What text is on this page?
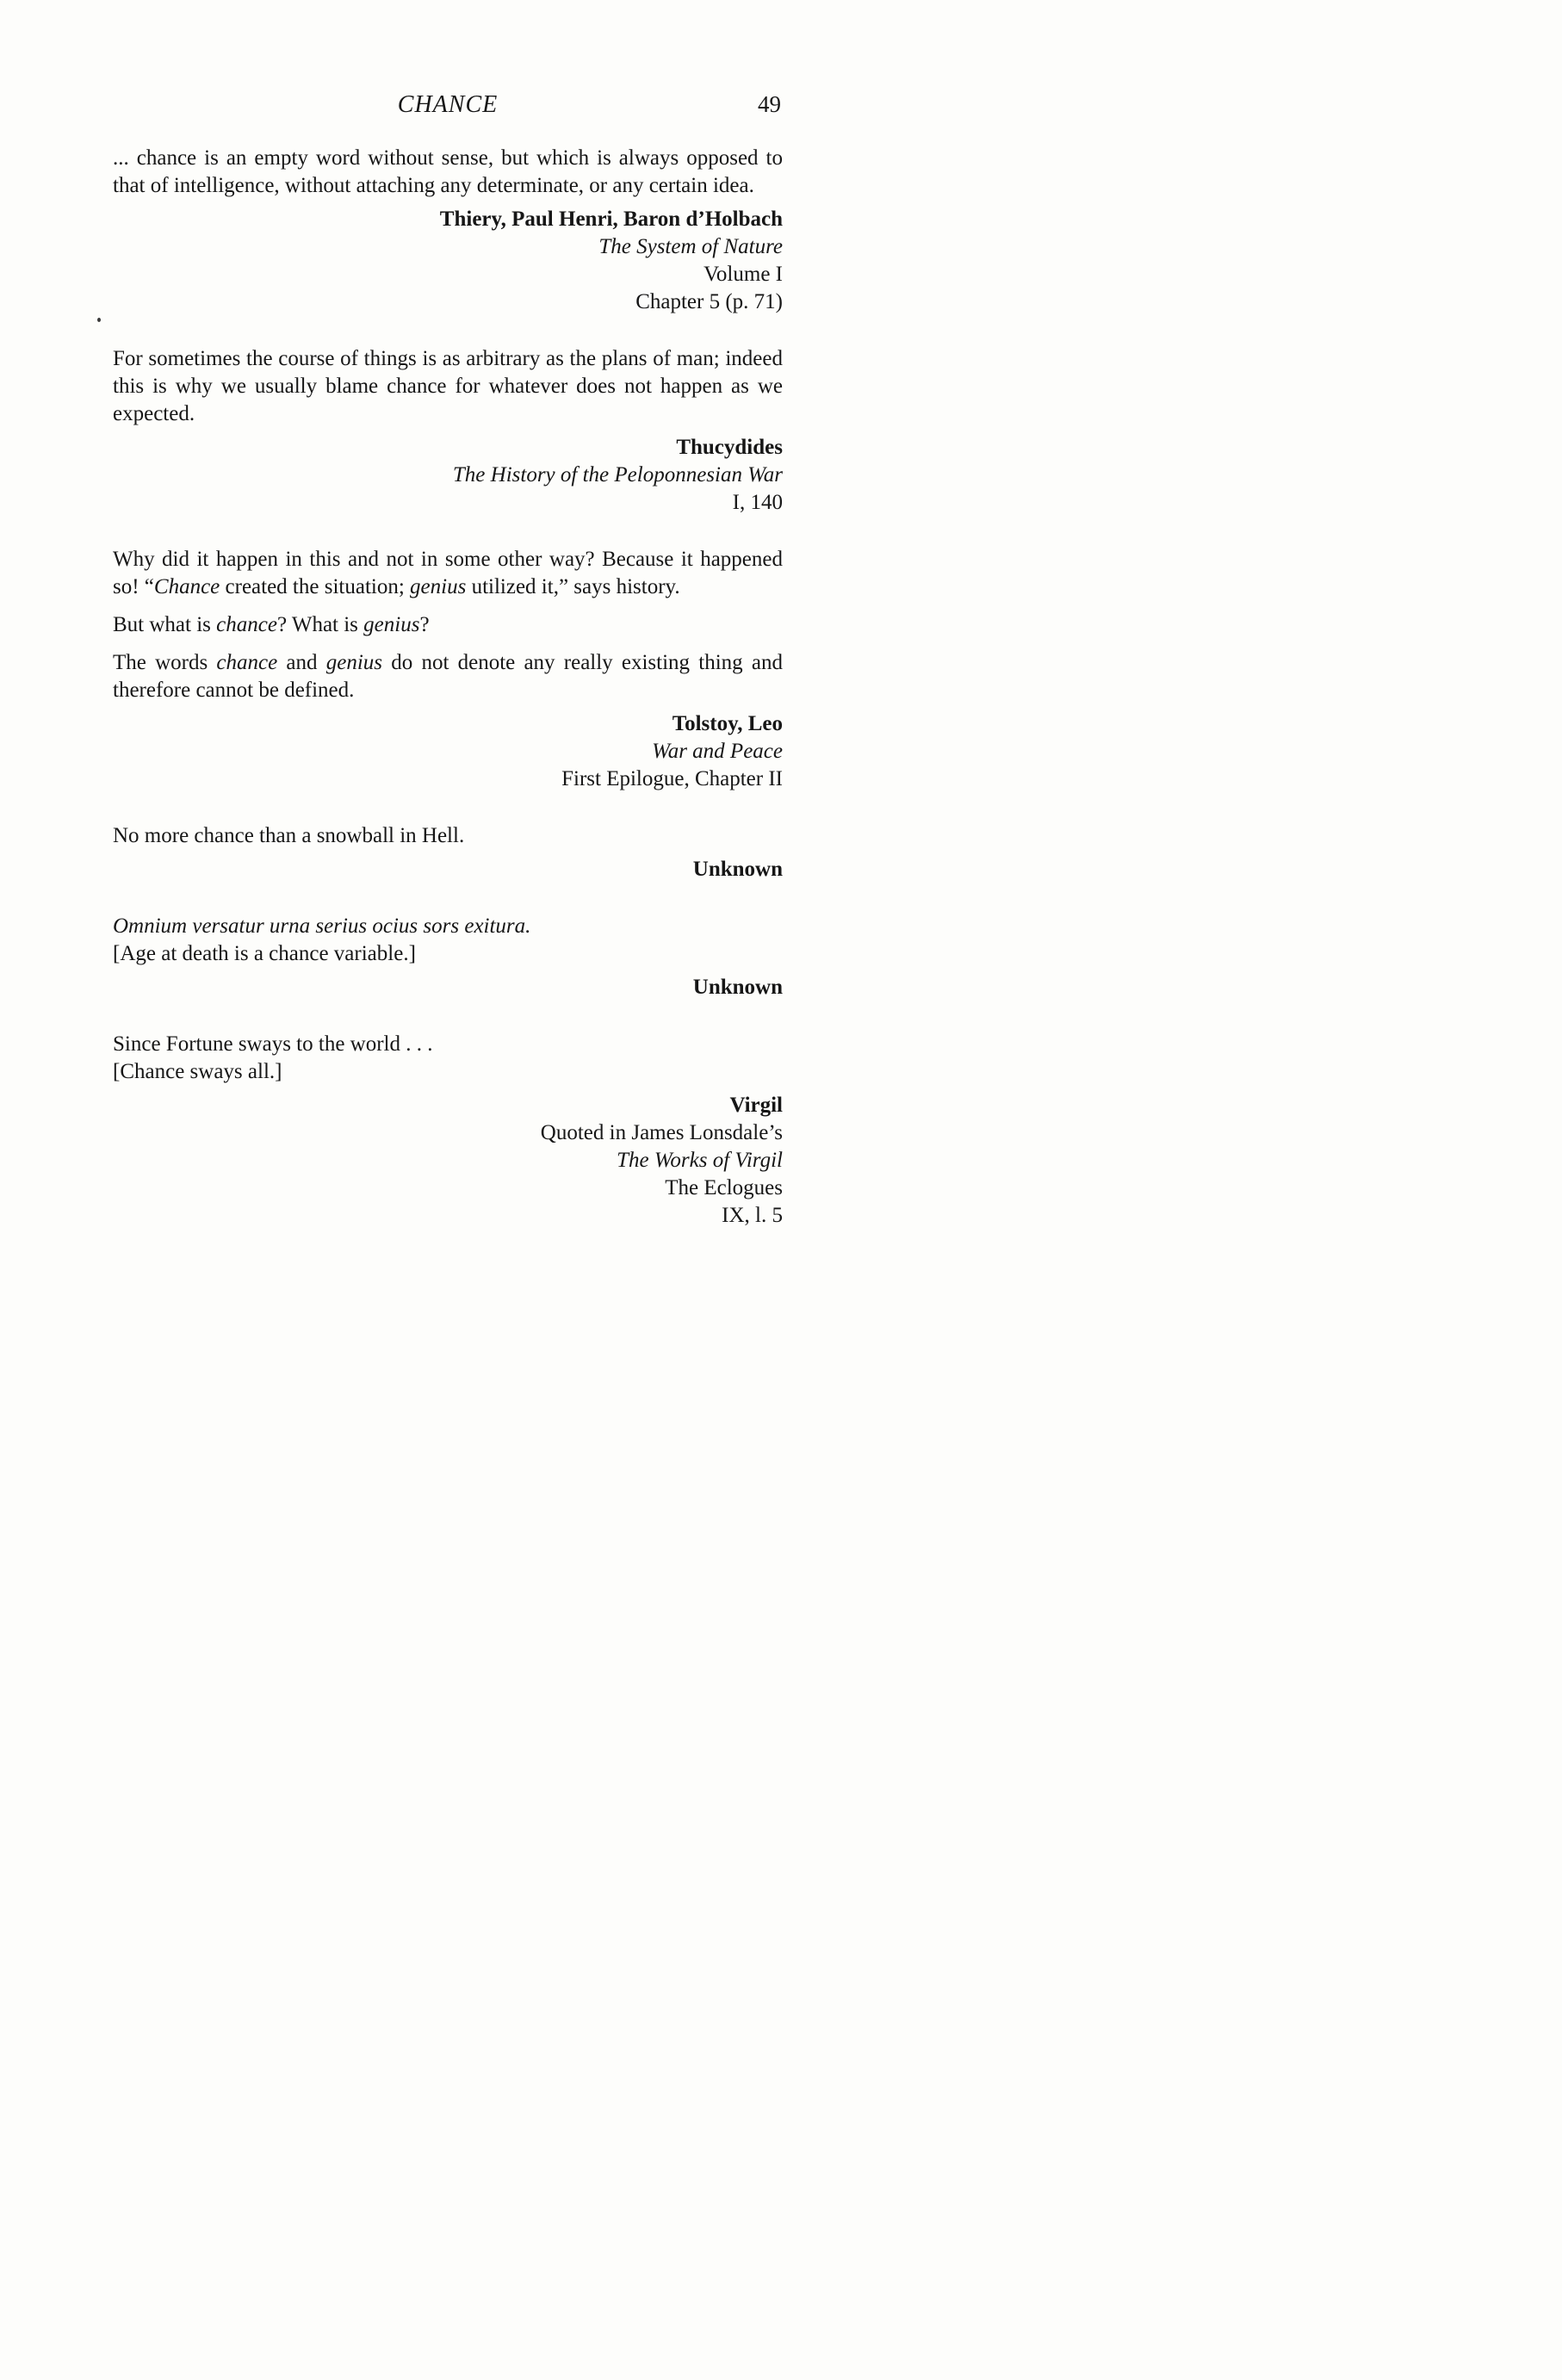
CHANCE	49

... chance is an empty word without sense, but which is always opposed to that of intelligence, without attaching any determinate, or any certain idea.

Thiery, Paul Henri, Baron d’Holbach
The System of Nature
Volume I
Chapter 5 (p. 71)

For sometimes the course of things is as arbitrary as the plans of man; indeed this is why we usually blame chance for whatever does not happen as we expected.

Thucydides
The History of the Peloponnesian War
I, 140

Why did it happen in this and not in some other way? Because it happened so! “Chance created the situation; genius utilized it,” says history.

But what is chance? What is genius?

The words chance and genius do not denote any really existing thing and therefore cannot be defined.

Tolstoy, Leo
War and Peace
First Epilogue, Chapter II

No more chance than a snowball in Hell.

Unknown

Omnium versatur urna serius ocius sors exitura.
[Age at death is a chance variable.]

Unknown

Since Fortune sways to the world . . .
[Chance sways all.]

Virgil
Quoted in James Lonsdale’s
The Works of Virgil
The Eclogues
IX, l. 5
